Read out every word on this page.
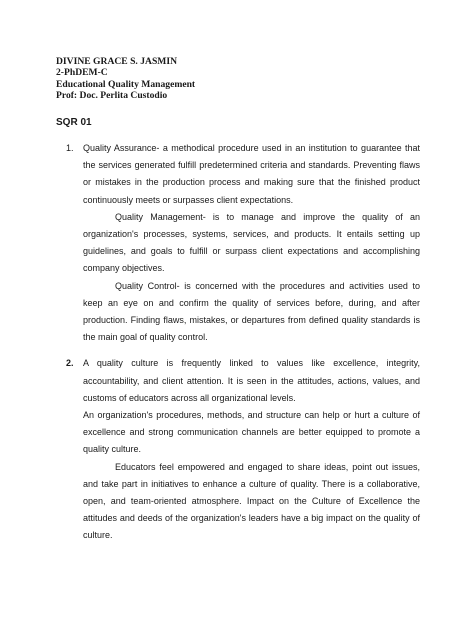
DIVINE GRACE S. JASMIN
2-PhDEM-C
Educational Quality Management
Prof: Doc. Perlita Custodio
SQR 01
1.	Quality Assurance- a methodical procedure used in an institution to guarantee that the services generated fulfill predetermined criteria and standards. Preventing flaws or mistakes in the production process and making sure that the finished product continuously meets or surpasses client expectations.

Quality Management- is to manage and improve the quality of an organization's processes, systems, services, and products. It entails setting up guidelines, and goals to fulfill or surpass client expectations and accomplishing company objectives.

Quality Control- is concerned with the procedures and activities used to keep an eye on and confirm the quality of services before, during, and after production. Finding flaws, mistakes, or departures from defined quality standards is the main goal of quality control.

2.	A quality culture is frequently linked to values like excellence, integrity, accountability, and client attention. It is seen in the attitudes, actions, values, and customs of educators across all organizational levels.

An organization's procedures, methods, and structure can help or hurt a culture of excellence and strong communication channels are better equipped to promote a quality culture.

Educators feel empowered and engaged to share ideas, point out issues, and take part in initiatives to enhance a culture of quality. There is a collaborative, open, and team-oriented atmosphere. Impact on the Culture of Excellence the attitudes and deeds of the organization's leaders have a big impact on the quality of culture.
